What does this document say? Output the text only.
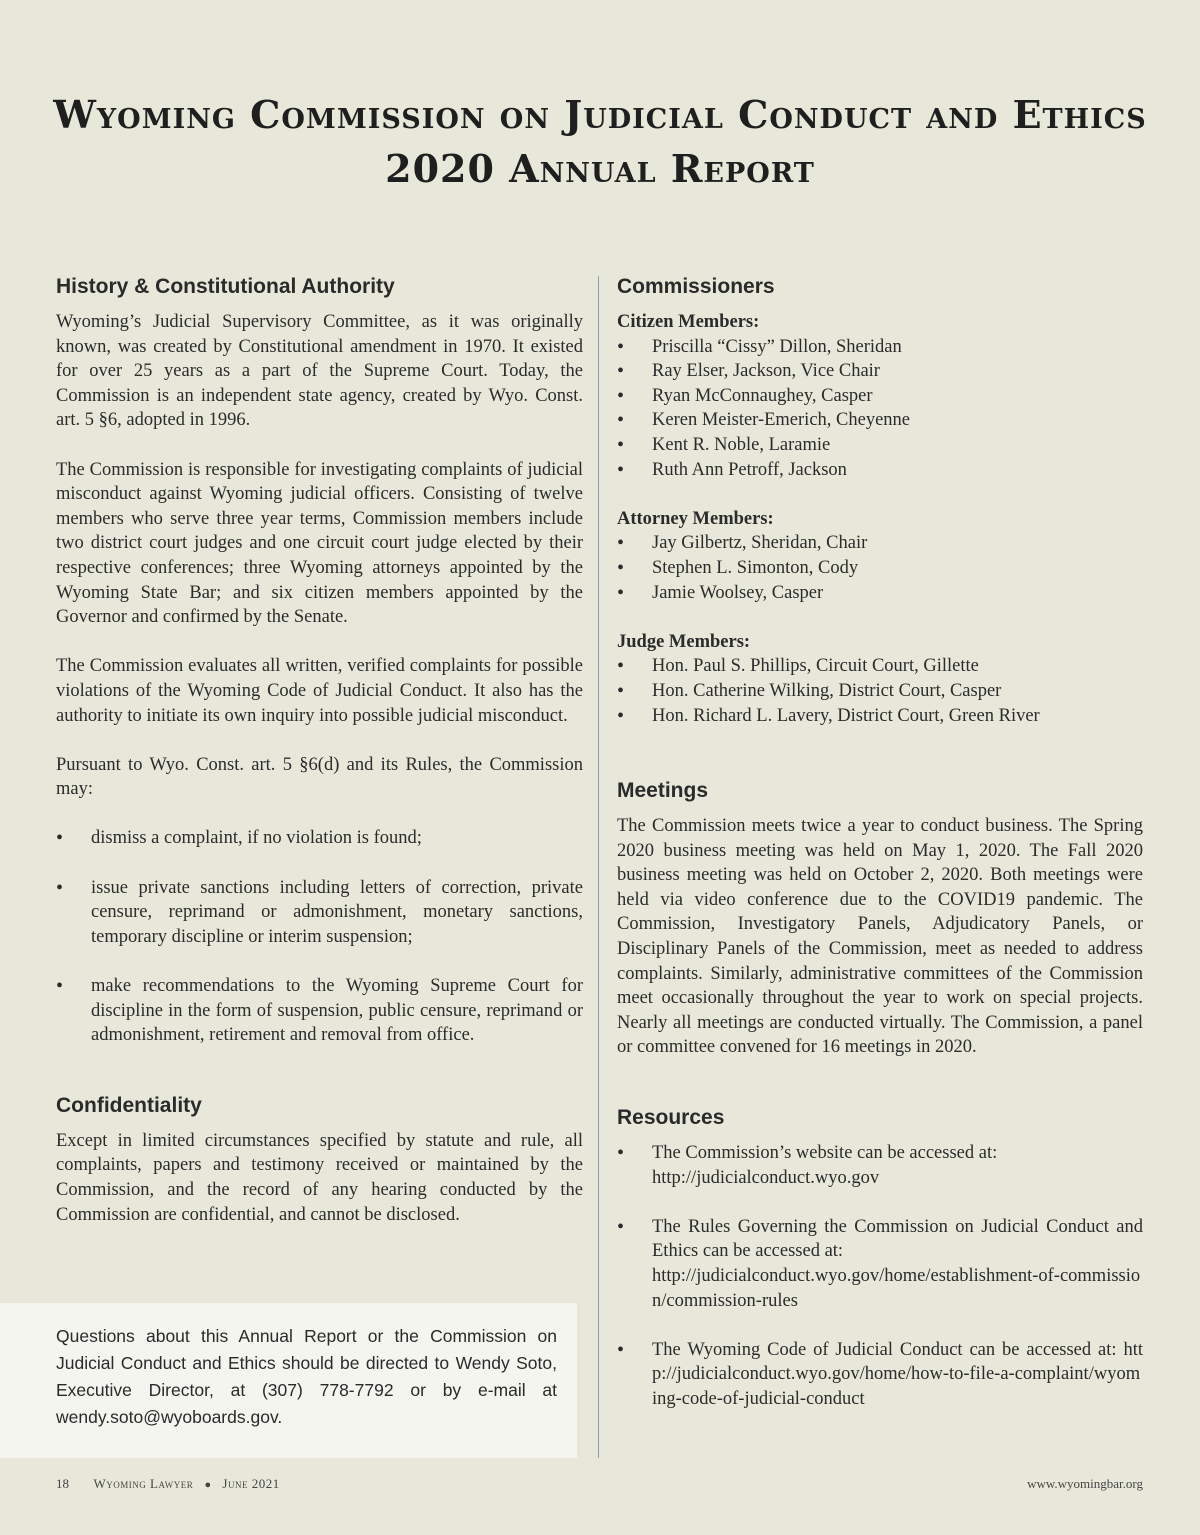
Wyoming Commission on Judicial Conduct and Ethics
2020 Annual Report
History & Constitutional Authority

Wyoming’s Judicial Supervisory Committee, as it was originally known, was created by Constitutional amendment in 1970. It existed for over 25 years as a part of the Supreme Court. Today, the Commission is an independent state agency, created by Wyo. Const. art. 5 §6, adopted in 1996.

The Commission is responsible for investigating complaints of judicial misconduct against Wyoming judicial officers. Consisting of twelve members who serve three year terms, Commission members include two district court judges and one circuit court judge elected by their respective conferences; three Wyoming attorneys appointed by the Wyoming State Bar; and six citizen members appointed by the Governor and confirmed by the Senate.

The Commission evaluates all written, verified complaints for possible violations of the Wyoming Code of Judicial Conduct. It also has the authority to initiate its own inquiry into possible judicial misconduct.

Pursuant to Wyo. Const. art. 5 §6(d) and its Rules, the Commission may:

• dismiss a complaint, if no violation is found;
• issue private sanctions including letters of correction, private censure, reprimand or admonishment, monetary sanctions, temporary discipline or interim suspension;
• make recommendations to the Wyoming Supreme Court for discipline in the form of suspension, public censure, reprimand or admonishment, retirement and removal from office.
Confidentiality

Except in limited circumstances specified by statute and rule, all complaints, papers and testimony received or maintained by the Commission, and the record of any hearing conducted by the Commission are confidential, and cannot be disclosed.

Questions about this Annual Report or the Commission on Judicial Conduct and Ethics should be directed to Wendy Soto, Executive Director, at (307) 778-7792 or by e-mail at wendy.soto@wyoboards.gov.
Commissioners
Citizen Members:
• Priscilla “Cissy” Dillon, Sheridan
• Ray Elser, Jackson, Vice Chair
• Ryan McConnaughey, Casper
• Keren Meister-Emerich, Cheyenne
• Kent R. Noble, Laramie
• Ruth Ann Petroff, Jackson
Attorney Members:
• Jay Gilbertz, Sheridan, Chair
• Stephen L. Simonton, Cody
• Jamie Woolsey, Casper
Judge Members:
• Hon. Paul S. Phillips, Circuit Court, Gillette
• Hon. Catherine Wilking, District Court, Casper
• Hon. Richard L. Lavery, District Court, Green River
Meetings

The Commission meets twice a year to conduct business. The Spring 2020 business meeting was held on May 1, 2020. The Fall 2020 business meeting was held on October 2, 2020. Both meetings were held via video conference due to the COVID19 pandemic. The Commission, Investigatory Panels, Adjudicatory Panels, or Disciplinary Panels of the Commission, meet as needed to address complaints. Similarly, administrative committees of the Commission meet occasionally throughout the year to work on special projects. Nearly all meetings are conducted virtually. The Commission, a panel or committee convened for 16 meetings in 2020.

Resources
• The Commission’s website can be accessed at:
http://judicialconduct.wyo.gov
• The Rules Governing the Commission on Judicial Conduct and Ethics can be accessed at:
http://judicialconduct.wyo.gov/home/establishment-of-commission/commission-rules
• The Wyoming Code of Judicial Conduct can be accessed at: http://judicialconduct.wyo.gov/home/how-to-file-a-complaint/wyoming-code-of-judicial-conduct
18 Wyoming Lawyer ● June 2021	www.wyomingbar.org
